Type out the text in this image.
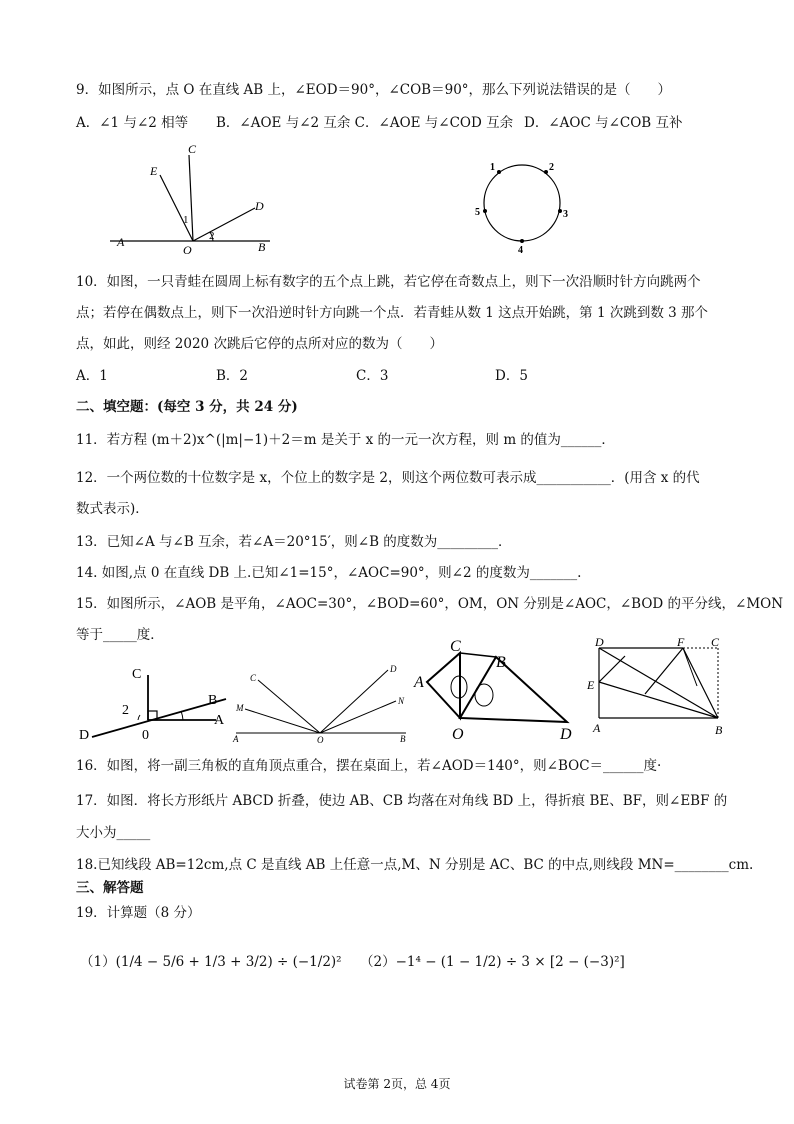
9．如图所示，点 O 在直线 AB 上，∠EOD＝90°，∠COB＝90°，那么下列说法错误的是（　　）
A．∠1 与∠2 相等 B．∠AOE 与∠2 互余 C．∠AOE 与∠COD 互余 D．∠AOC 与∠COB 互补
C
E
D
1
2
A
O	B
1	2
5	3
4
10．如图，一只青蛙在圆周上标有数字的五个点上跳，若它停在奇数点上，则下一次沿顺时针方向跳两个
点；若停在偶数点上，则下一次沿逆时针方向跳一个点．若青蛙从数 1 这点开始跳，第 1 次跳到数 3 那个
点，如此，则经 2020 次跳后它停的点所对应的数为（　　）
A．1	B．2	C．3	D．5
二、填空题：(每空 3 分，共 24 分)
11．若方程 (m＋2)x^(|m|−1)＋2＝m 是关于 x 的一元一次方程，则 m 的值为______．
12．一个两位数的十位数字是 x，个位上的数字是 2，则这个两位数可表示成___________．(用含 x 的代
数式表示)．
13．已知∠A 与∠B 互余，若∠A＝20°15′，则∠B 的度数为_________．
14. 如图,点 0 在直线 DB 上.已知∠1=15°，∠AOC=90°，则∠2 的度数为_______.
15．如图所示，∠AOB 是平角，∠AOC=30°，∠BOD=60°，OM，ON 分别是∠AOC，∠BOD 的平分线，∠MON
等于_____度．
C
B
2
A
D	0
C
D
M
N
A	O	B
C
B
A
O	D
D	F C
E
A	B
16．如图，将一副三角板的直角顶点重合，摆在桌面上，若∠AOD＝140°，则∠BOC＝______度·
17．如图．将长方形纸片 ABCD 折叠，使边 AB、CB 均落在对角线 BD 上，得折痕 BE、BF，则∠EBF 的
大小为_____
18.已知线段 AB=12cm,点 C 是直线 AB 上任意一点,M、N 分别是 AC、BC 的中点,则线段 MN=________cm.
三、解答题
19．计算题（8 分）
（1）(1/4 − 5/6 + 1/3 + 3/2) ÷ (−1/2)² （2）−1⁴ − (1 − 1/2) ÷ 3 × [2 − (−3)²]
试卷第 2页，总 4页
